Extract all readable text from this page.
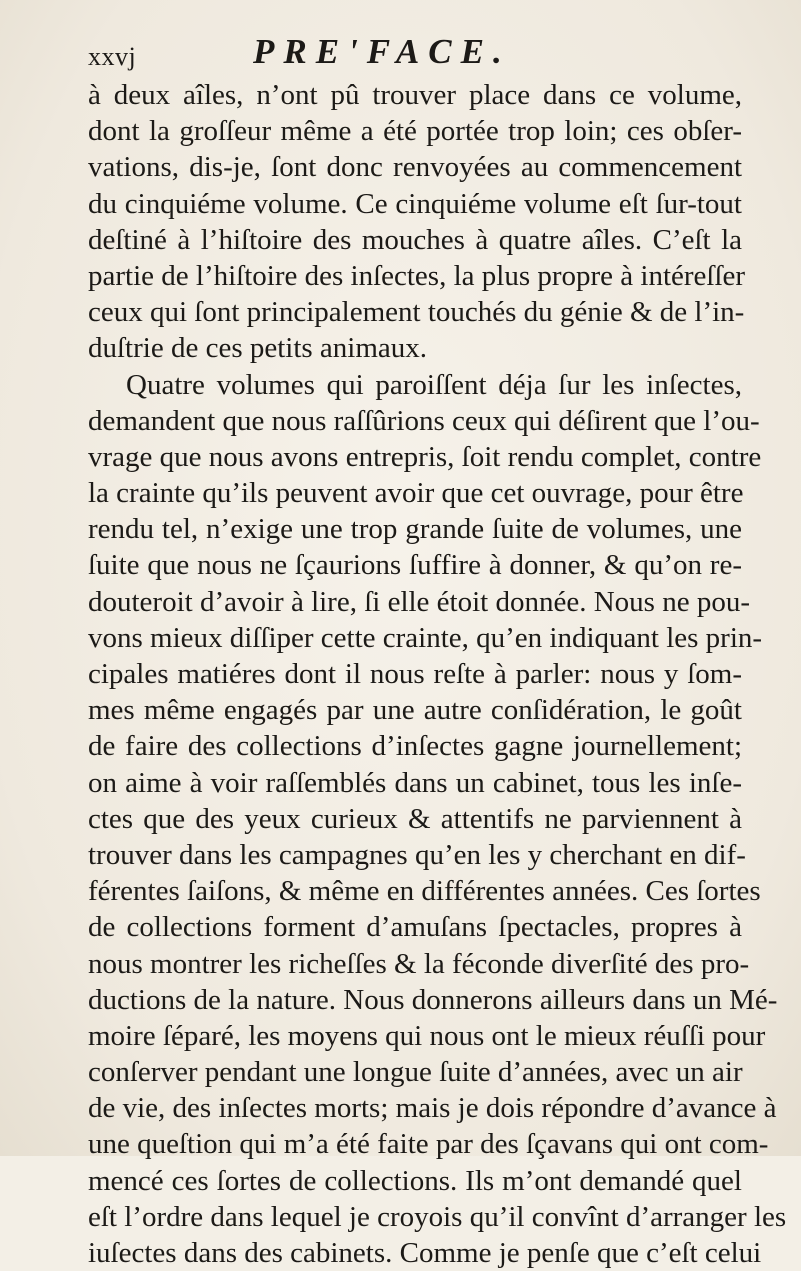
xxvj	PRE'FACE.
à deux aîles, n’ont pû trouver place dans ce volume,
dont la groſſeur même a été portée trop loin; ces obſer-
vations, dis-je, ſont donc renvoyées au commencement
du cinquiéme volume. Ce cinquiéme volume eſt ſur-tout
deſtiné à l’hiſtoire des mouches à quatre aîles. C’eſt la
partie de l’hiſtoire des inſectes, la plus propre à intéreſſer
ceux qui ſont principalement touchés du génie & de l’in-
duſtrie de ces petits animaux.
Quatre volumes qui paroiſſent déja ſur les inſectes,
demandent que nous raſſûrions ceux qui déſirent que l’ou-
vrage que nous avons entrepris, ſoit rendu complet, contre
la crainte qu’ils peuvent avoir que cet ouvrage, pour être
rendu tel, n’exige une trop grande ſuite de volumes, une
ſuite que nous ne ſçaurions ſuffire à donner, & qu’on re-
douteroit d’avoir à lire, ſi elle étoit donnée. Nous ne pou-
vons mieux diſſiper cette crainte, qu’en indiquant les prin-
cipales matiéres dont il nous reſte à parler: nous y ſom-
mes même engagés par une autre conſidération, le goût
de faire des collections d’inſectes gagne journellement;
on aime à voir raſſemblés dans un cabinet, tous les inſe-
ctes que des yeux curieux & attentifs ne parviennent à
trouver dans les campagnes qu’en les y cherchant en dif-
férentes ſaiſons, & même en différentes années. Ces ſortes
de collections forment d’amuſans ſpectacles, propres à
nous montrer les richeſſes & la féconde diverſité des pro-
ductions de la nature. Nous donnerons ailleurs dans un Mé-
moire ſéparé, les moyens qui nous ont le mieux réuſſi pour
conſerver pendant une longue ſuite d’années, avec un air
de vie, des inſectes morts; mais je dois répondre d’avance à
une queſtion qui m’a été faite par des ſçavans qui ont com-
mencé ces ſortes de collections. Ils m’ont demandé quel
eſt l’ordre dans lequel je croyois qu’il convînt d’arranger les
iuſectes dans des cabinets. Comme je penſe que c’eſt celui
